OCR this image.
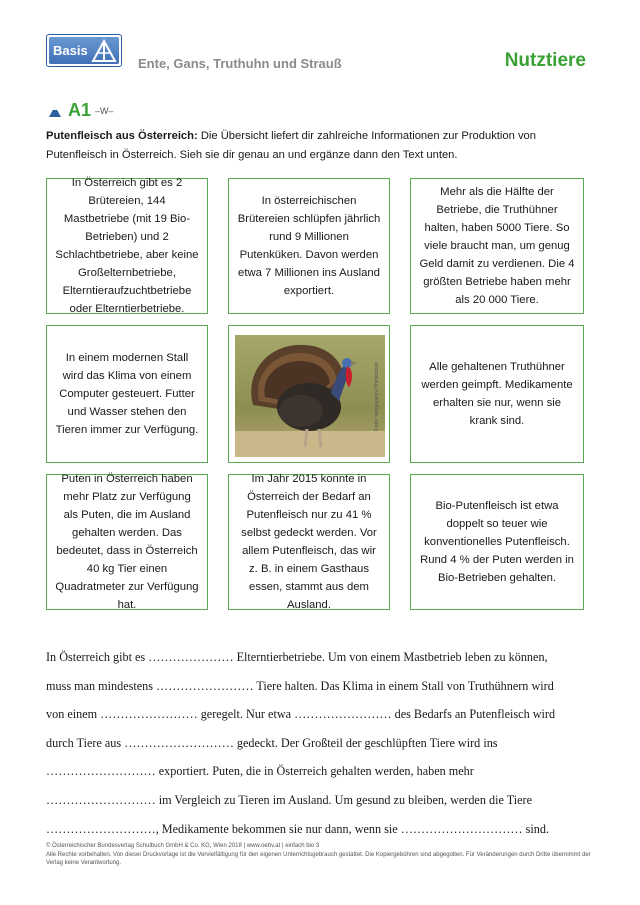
Basis
Ente, Gans, Truthuhn und Strauß	Nutztiere
A1 –W–
Putenfleisch aus Österreich: Die Übersicht liefert dir zahlreiche Informationen zur Produktion von Putenfleisch in Österreich. Sieh sie dir genau an und ergänze dann den Text unten.
In Österreich gibt es 2 Brütereien, 144 Mastbetriebe (mit 19 Bio-Betrieben) und 2 Schlachtbetriebe, aber keine Großelternbetriebe, Elterntieraufzuchtbetriebe oder Elterntierbetriebe.
In österreichischen Brütereien schlüpfen jährlich rund 9 Millionen Putenküken. Davon werden etwa 7 Millionen ins Ausland exportiert.
Mehr als die Hälfte der Betriebe, die Truthühner halten, haben 5000 Tiere. So viele braucht man, um genug Geld damit zu verdienen. Die 4 größten Betriebe haben mehr als 20 000 Tiere.
In einem modernen Stall wird das Klima von einem Computer gesteuert. Futter und Wasser stehen den Tieren immer zur Verfügung.	Foto: sergeyaryv/Thinkstock	Alle gehaltenen Truthühner werden geimpft. Medikamente erhalten sie nur, wenn sie krank sind.
Puten in Österreich haben mehr Platz zur Verfügung als Puten, die im Ausland gehalten werden. Das bedeutet, dass in Österreich 40 kg Tier einen Quadratmeter zur Verfügung hat.
Im Jahr 2015 konnte in Österreich der Bedarf an Putenfleisch nur zu 41 % selbst gedeckt werden. Vor allem Putenfleisch, das wir z. B. in einem Gasthaus essen, stammt aus dem Ausland.
Bio-Putenfleisch ist etwa doppelt so teuer wie konventionelles Putenfleisch. Rund 4 % der Puten werden in Bio-Betrieben gehalten.
In Österreich gibt es ………………… Elterntierbetriebe. Um von einem Mastbetrieb leben zu können,
muss man mindestens …………………… Tiere halten. Das Klima in einem Stall von Truthühnern wird
von einem …………………… geregelt. Nur etwa …………………… des Bedarfs an Putenfleisch wird
durch Tiere aus ……………………… gedeckt. Der Großteil der geschlüpften Tiere wird ins
……………………… exportiert. Puten, die in Österreich gehalten werden, haben mehr
……………………… im Vergleich zu Tieren im Ausland. Um gesund zu bleiben, werden die Tiere
………………………, Medikamente bekommen sie nur dann, wenn sie ………………………… sind.
© Österreichischer Bundesverlag Schulbuch GmbH & Co. KG, Wien 2018 | www.oebv.at | einfach bio 3
Alle Rechte vorbehalten. Von dieser Druckvorlage ist die Vervielfältigung für den eigenen Unterrichtsgebrauch gestattet. Die Kopiergebühren sind abgegolten. Für Veränderungen durch Dritte übernimmt der Verlag keine Verantwortung.
